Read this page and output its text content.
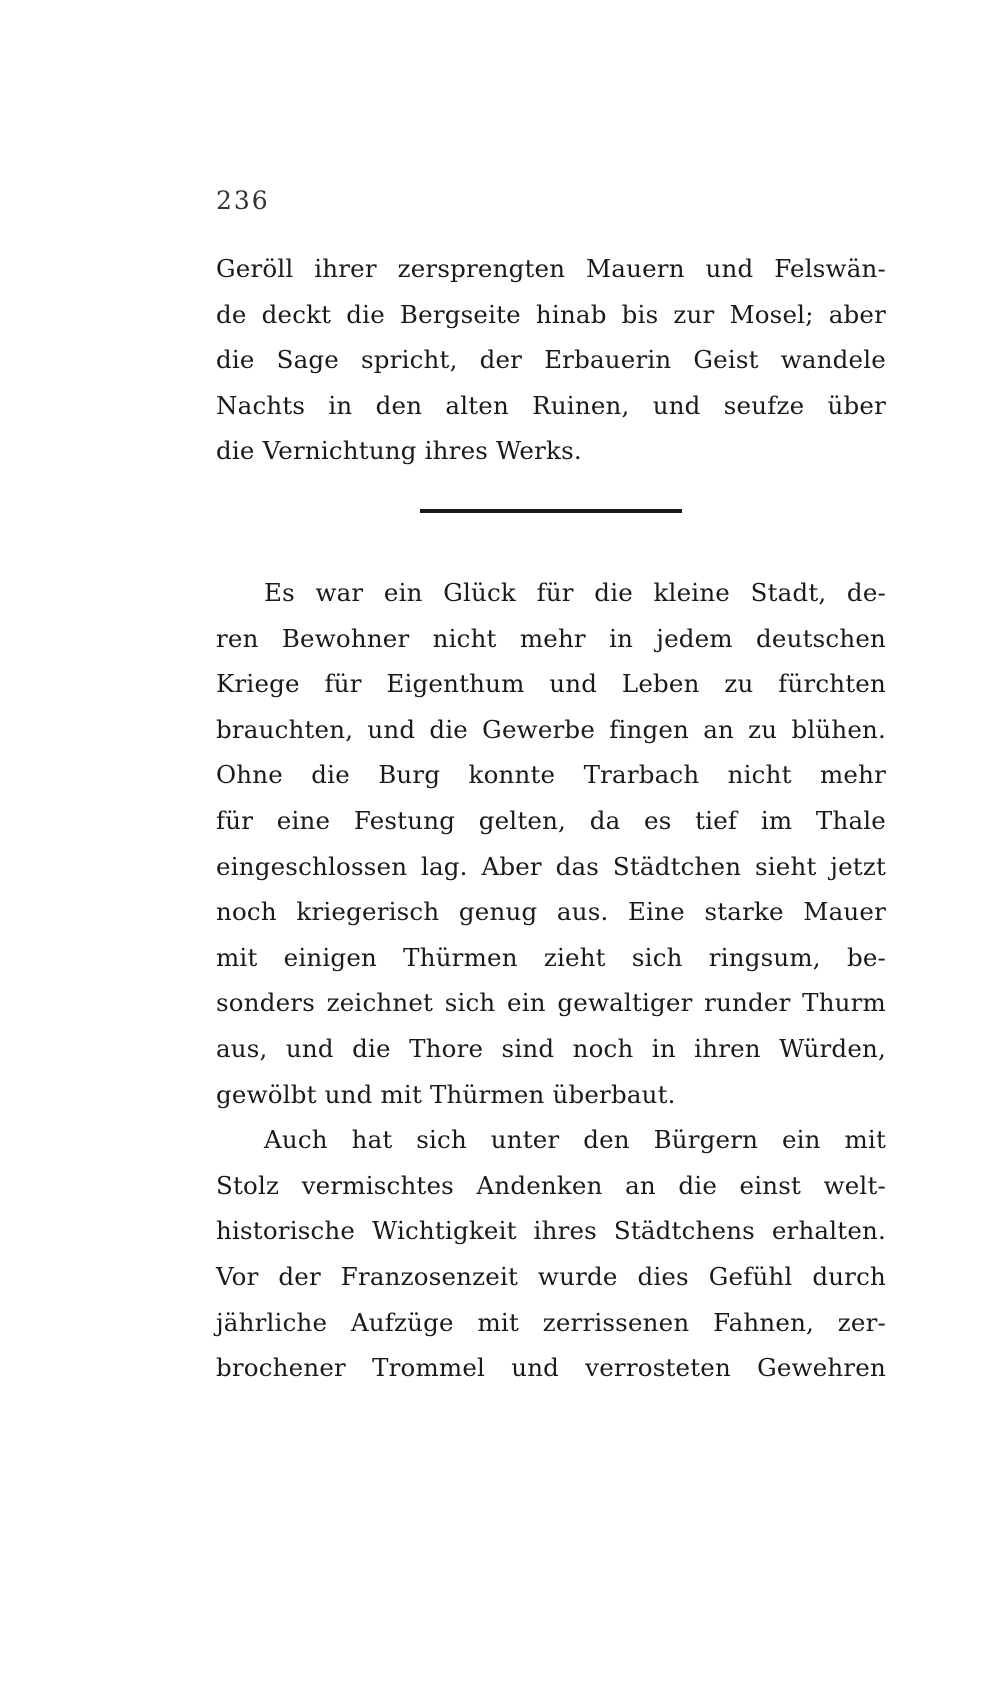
236
Geröll ihrer zersprengten Mauern und Felswän-
de deckt die Bergseite hinab bis zur Mosel; aber
die Sage spricht, der Erbauerin Geist wandele
Nachts in den alten Ruinen, und seufze über
die Vernichtung ihres Werks.
Es war ein Glück für die kleine Stadt, de-
ren Bewohner nicht mehr in jedem deutschen
Kriege für Eigenthum und Leben zu fürchten
brauchten, und die Gewerbe fingen an zu blühen.
Ohne die Burg konnte Trarbach nicht mehr
für eine Festung gelten, da es tief im Thale
eingeschlossen lag. Aber das Städtchen sieht jetzt
noch kriegerisch genug aus. Eine starke Mauer
mit einigen Thürmen zieht sich ringsum, be-
sonders zeichnet sich ein gewaltiger runder Thurm
aus, und die Thore sind noch in ihren Würden,
gewölbt und mit Thürmen überbaut.
Auch hat sich unter den Bürgern ein mit
Stolz vermischtes Andenken an die einst welt-
historische Wichtigkeit ihres Städtchens erhalten.
Vor der Franzosenzeit wurde dies Gefühl durch
jährliche Aufzüge mit zerrissenen Fahnen, zer-
brochener Trommel und verrosteten Gewehren
